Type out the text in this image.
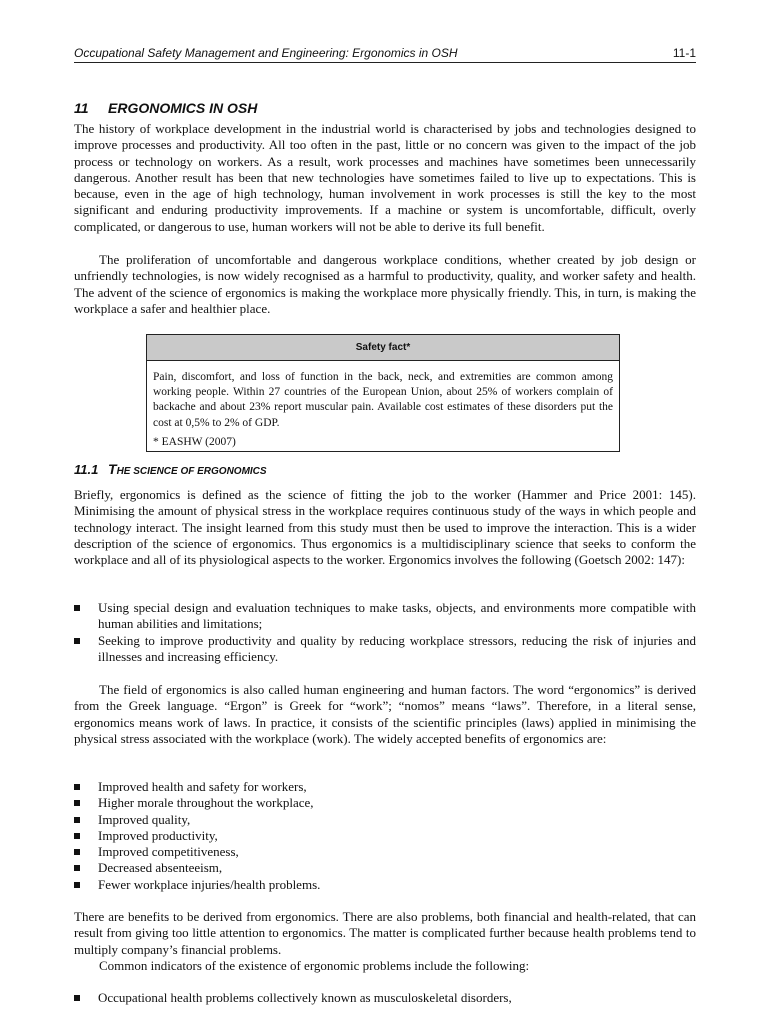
Occupational Safety Management and Engineering: Ergonomics in OSH	11-1
11 ERGONOMICS IN OSH
The history of workplace development in the industrial world is characterised by jobs and technologies designed to improve processes and productivity. All too often in the past, little or no concern was given to the impact of the job process or technology on workers. As a result, work processes and machines have sometimes been unnecessarily dangerous. Another result has been that new technologies have sometimes failed to live up to expectations. This is because, even in the age of high technology, human involvement in work processes is still the key to the most significant and enduring productivity improvements. If a machine or system is uncomfortable, difficult, overly complicated, or dangerous to use, human workers will not be able to derive its full benefit.
The proliferation of uncomfortable and dangerous workplace conditions, whether created by job design or unfriendly technologies, is now widely recognised as a harmful to productivity, quality, and worker safety and health. The advent of the science of ergonomics is making the workplace more physically friendly. This, in turn, is making the workplace a safer and healthier place.
Safety fact*
Pain, discomfort, and loss of function in the back, neck, and extremities are common among working people. Within 27 countries of the European Union, about 25% of workers complain of backache and about 23% report muscular pain. Available cost estimates of these disorders put the cost at 0,5% to 2% of GDP.
* EASHW (2007)
11.1 THE SCIENCE OF ERGONOMICS
Briefly, ergonomics is defined as the science of fitting the job to the worker (Hammer and Price 2001: 145). Minimising the amount of physical stress in the workplace requires continuous study of the ways in which people and technology interact. The insight learned from this study must then be used to improve the interaction. This is a wider description of the science of ergonomics. Thus ergonomics is a multidisciplinary science that seeks to conform the workplace and all of its physiological aspects to the worker. Ergonomics involves the following (Goetsch 2002: 147):
Using special design and evaluation techniques to make tasks, objects, and environments more compatible with human abilities and limitations;
Seeking to improve productivity and quality by reducing workplace stressors, reducing the risk of injuries and illnesses and increasing efficiency.
The field of ergonomics is also called human engineering and human factors. The word “ergonomics” is derived from the Greek language. “Ergon” is Greek for “work”; “nomos” means “laws”. Therefore, in a literal sense, ergonomics means work of laws. In practice, it consists of the scientific principles (laws) applied in minimising the physical stress associated with the workplace (work). The widely accepted benefits of ergonomics are:
Improved health and safety for workers,
Higher morale throughout the workplace,
Improved quality,
Improved productivity,
Improved competitiveness,
Decreased absenteeism,
Fewer workplace injuries/health problems.
There are benefits to be derived from ergonomics. There are also problems, both financial and health-related, that can result from giving too little attention to ergonomics. The matter is complicated further because health problems tend to multiply company’s financial problems.
Common indicators of the existence of ergonomic problems include the following:
Occupational health problems collectively known as musculoskeletal disorders,
